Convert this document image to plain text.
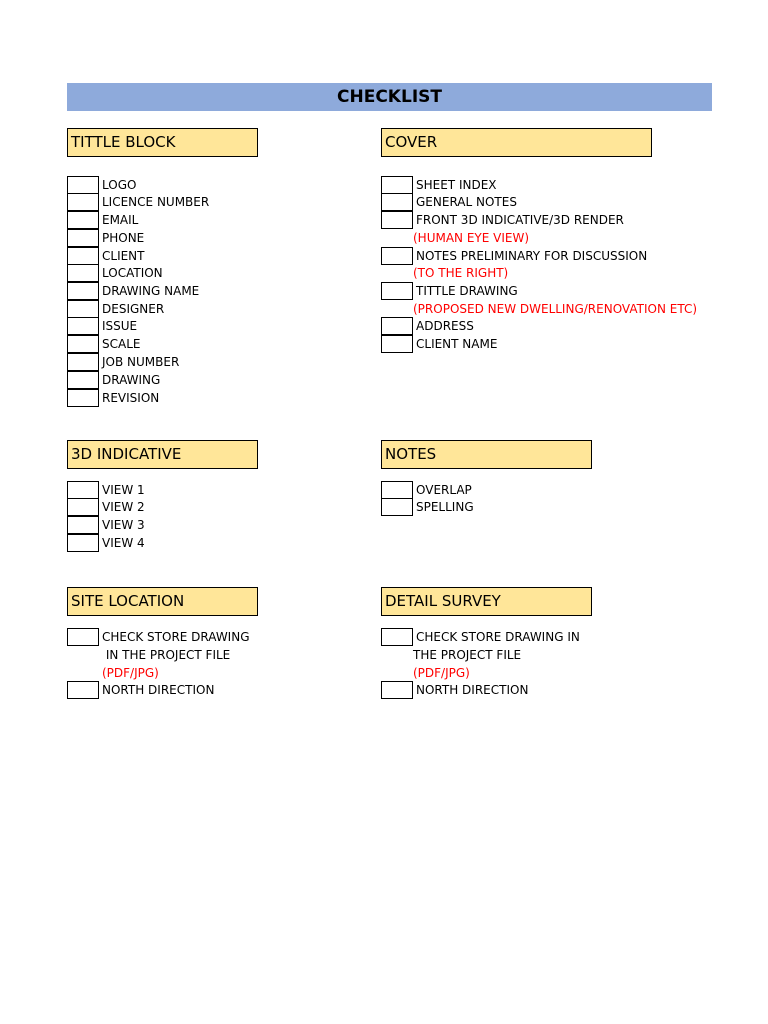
CHECKLIST
TITTLE BLOCK
LOGO
LICENCE NUMBER
EMAIL
PHONE
CLIENT
LOCATION
DRAWING NAME
DESIGNER
ISSUE
SCALE
JOB NUMBER
DRAWING
REVISION
COVER
SHEET INDEX
GENERAL NOTES
FRONT 3D INDICATIVE/3D RENDER
(HUMAN EYE VIEW)
NOTES PRELIMINARY FOR DISCUSSION
(TO THE RIGHT)
TITTLE DRAWING
(PROPOSED NEW DWELLING/RENOVATION ETC)
ADDRESS
CLIENT NAME
3D INDICATIVE
VIEW 1
VIEW 2
VIEW 3
VIEW 4
NOTES
OVERLAP
SPELLING
SITE LOCATION
CHECK STORE DRAWING
IN THE PROJECT FILE
(PDF/JPG)
NORTH DIRECTION
DETAIL SURVEY
CHECK STORE DRAWING IN
THE PROJECT FILE
(PDF/JPG)
NORTH DIRECTION
